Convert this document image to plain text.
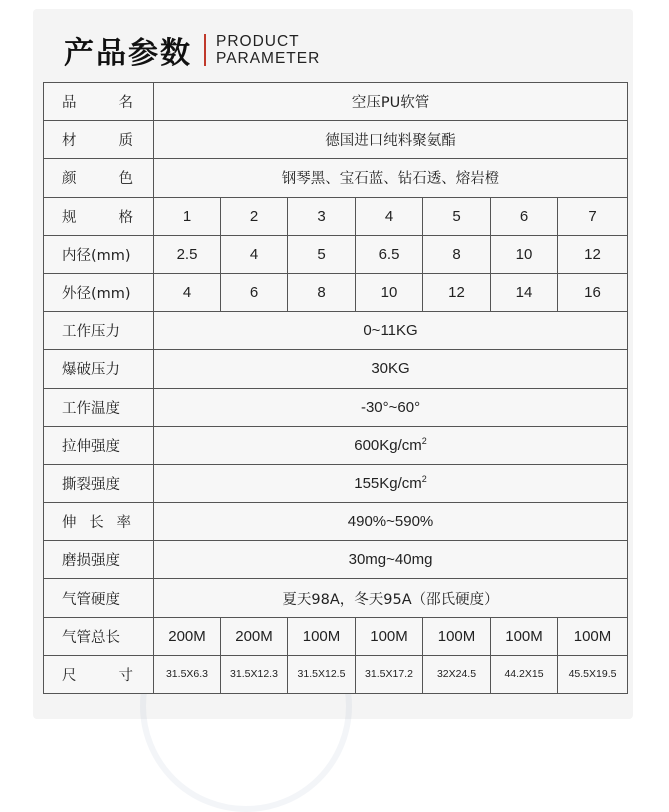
产品参数 PRODUCT
PARAMETER
品 名	空压PU软管						

材 质	德国进口纯料聚氨酯						

颜 色	钢琴黑、宝石蓝、钻石透、熔岩橙						

规 格	1	2	3	4	5	6	7
内径(mm)	2.5	4	5	6.5	8	10	12
外径(mm)	4	6	8	10	12	14	16
工作压力	0~11KG						
爆破压力	30KG						
工作温度	-30°~60°						
拉伸强度	$600Kg/cm^2$
撕裂强度	$155Kg/cm^2$

伸 长 率	490%~590%						
磨损强度	30mg~40mg						
气管硬度	夏天98A，冬天95A（邵氏硬度）						
气管总长	200M	200M	100M	100M	100M	100M	100M

尺 寸	31.5X6.3	31.5X12.3	31.5X12.5	31.5X17.2	32X24.5	44.2X15	45.5X19.5
